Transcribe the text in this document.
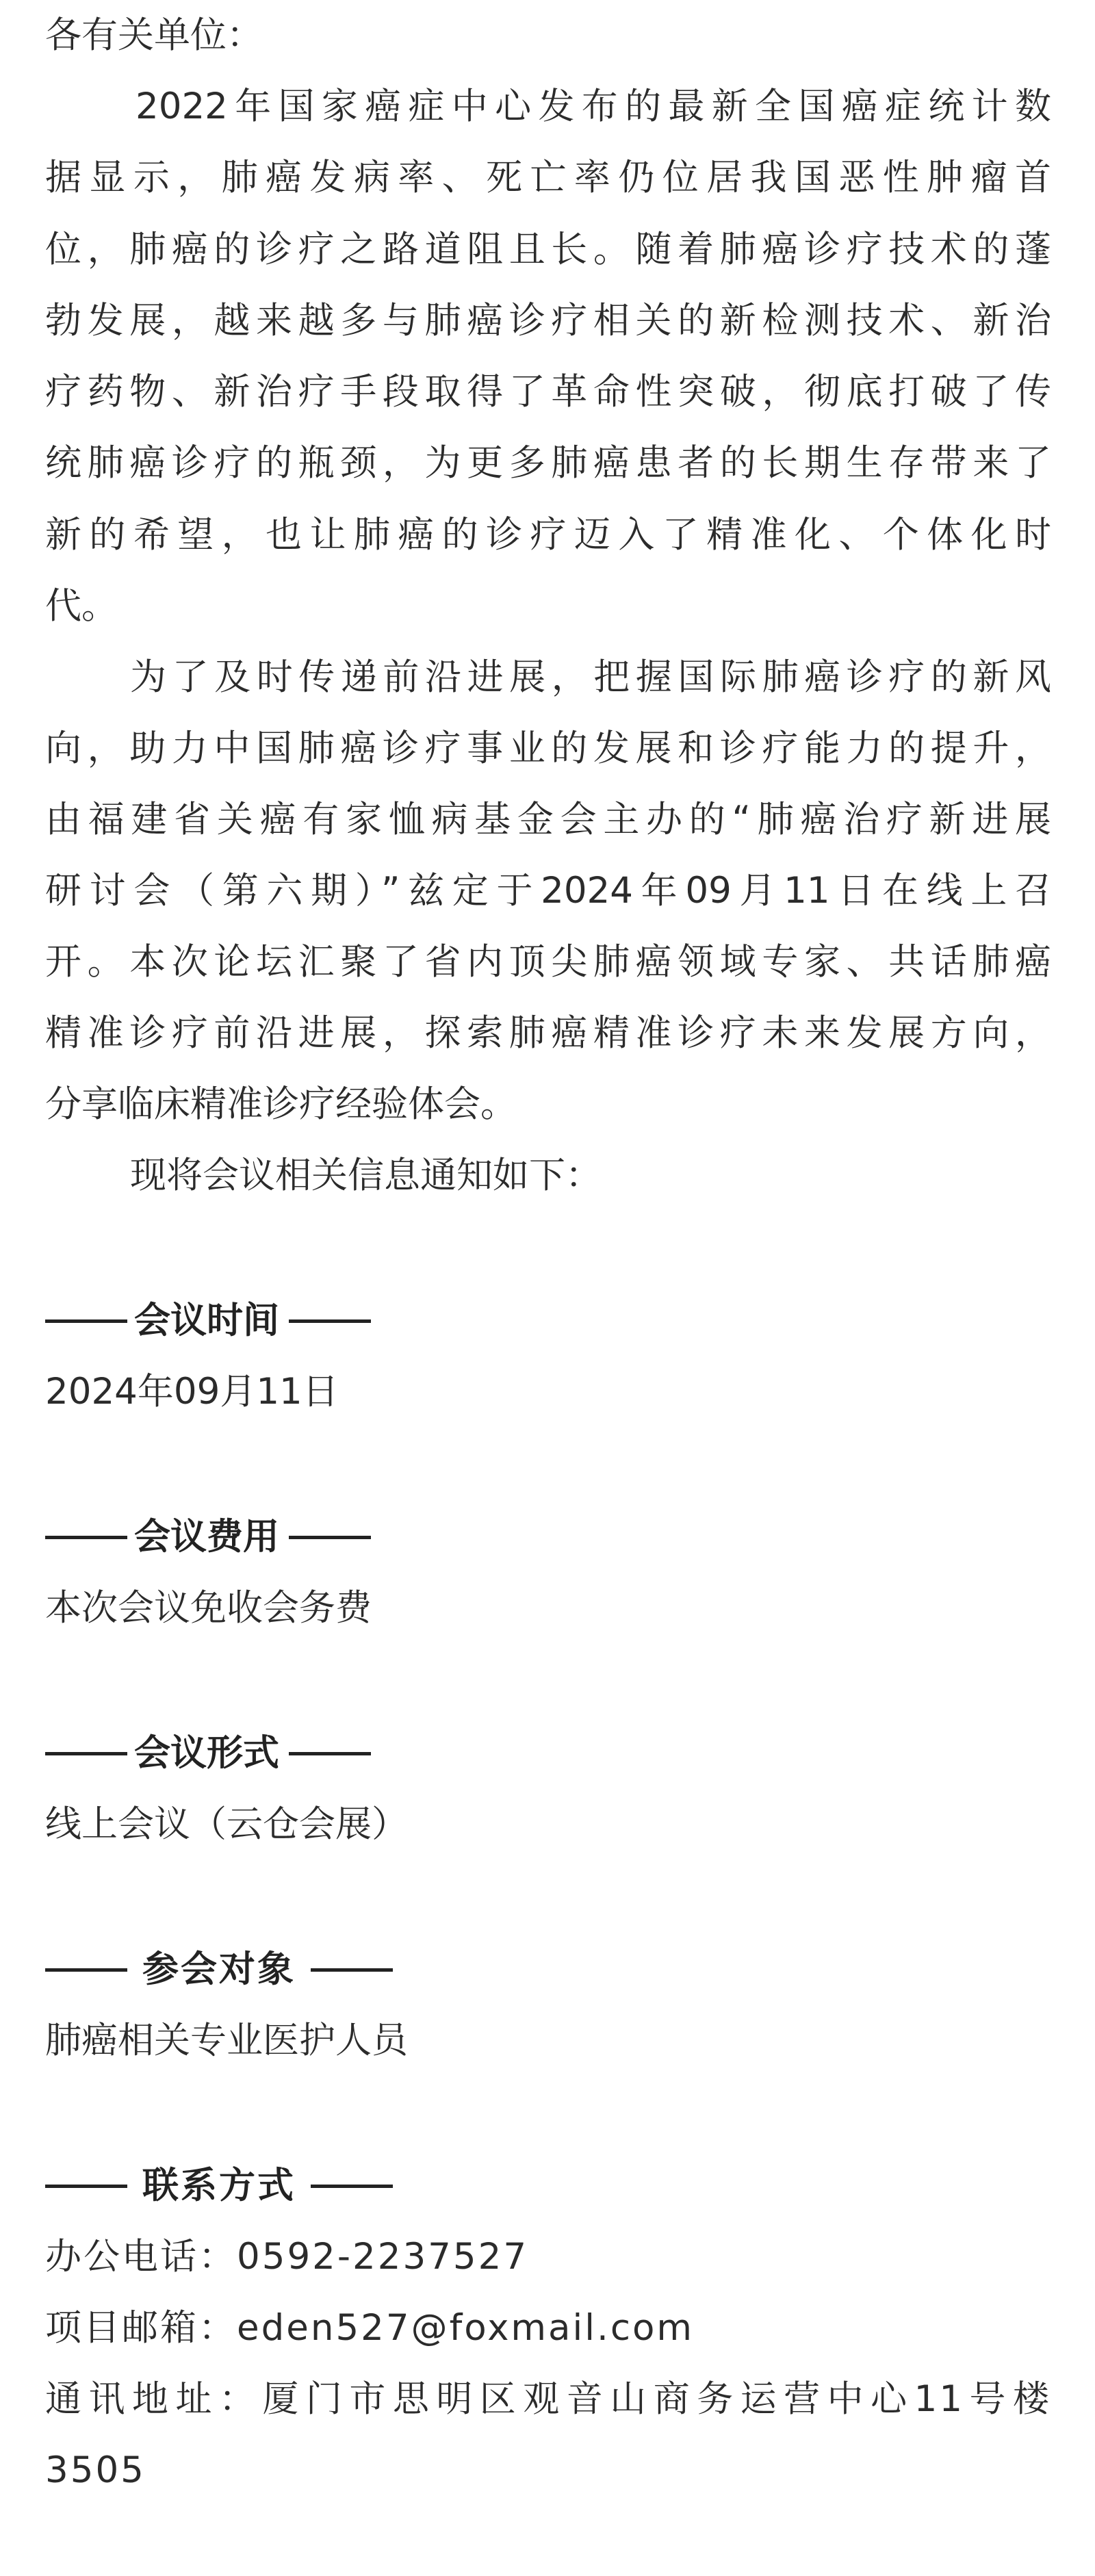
各有关单位：
2022年国家癌症中心发布的最新全国癌症统计数
据显示，肺癌发病率、死亡率仍位居我国恶性肿瘤首
位，肺癌的诊疗之路道阻且长。随着肺癌诊疗技术的蓬
勃发展，越来越多与肺癌诊疗相关的新检测技术、新治
疗药物、新治疗手段取得了革命性突破，彻底打破了传
统肺癌诊疗的瓶颈，为更多肺癌患者的长期生存带来了
新的希望，也让肺癌的诊疗迈入了精准化、个体化时
代。
为了及时传递前沿进展，把握国际肺癌诊疗的新风
向，助力中国肺癌诊疗事业的发展和诊疗能力的提升，
由福建省关癌有家恤病基金会主办的“肺癌治疗新进展
研讨会（第六期）”兹定于2024年09月11日在线上召
开。本次论坛汇聚了省内顶尖肺癌领域专家、共话肺癌
精准诊疗前沿进展，探索肺癌精准诊疗未来发展方向，
分享临床精准诊疗经验体会。
现将会议相关信息通知如下：
会议时间
2024年09月11日
会议费用
本次会议免收会务费
会议形式
线上会议（云仓会展）
参会对象
肺癌相关专业医护人员
联系方式
办公电话：0592-2237527
项目邮箱：eden527@foxmail.com
通讯地址：厦门市思明区观音山商务运营中心11号楼
3505
